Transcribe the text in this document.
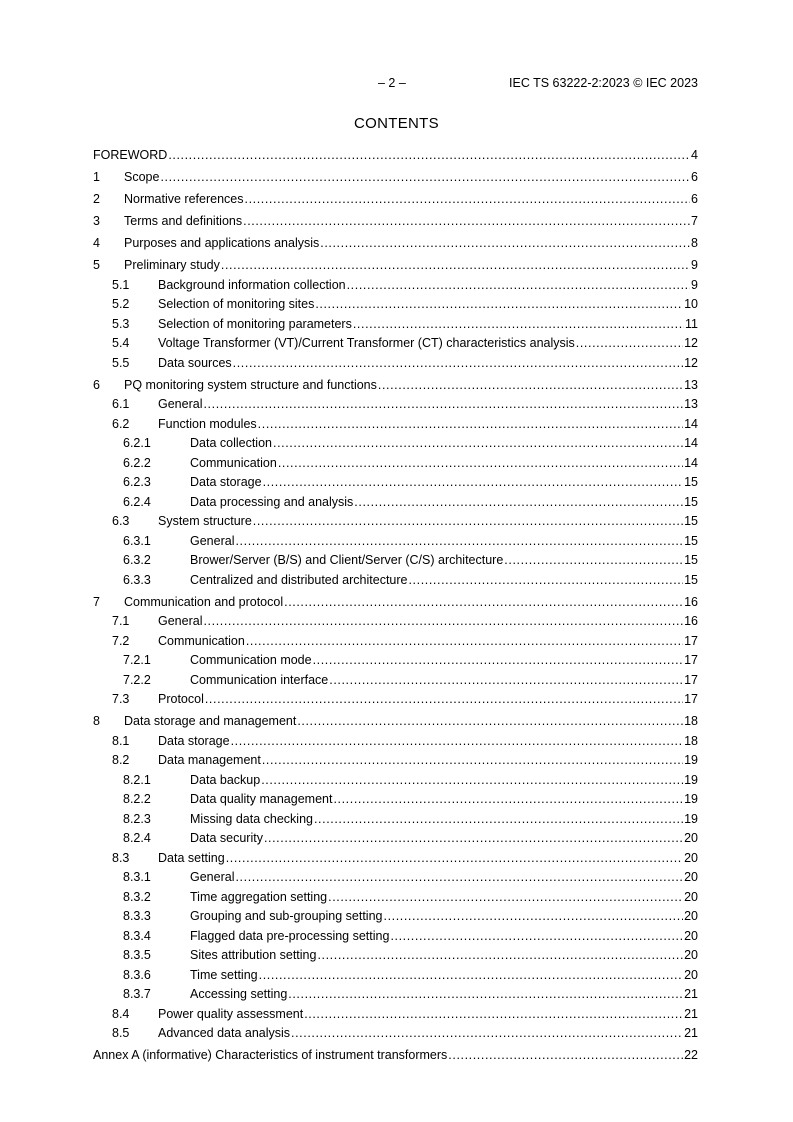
– 2 –	IEC TS 63222-2:2023 © IEC 2023
CONTENTS
FOREWORD .....	4
1	Scope .....	6
2	Normative references .....	6
3	Terms and definitions .....	7
4	Purposes and applications analysis .....	8
5	Preliminary study .....	9
5.1	Background information collection .....	9
5.2	Selection of monitoring sites .....	10
5.3	Selection of monitoring parameters .....	11
5.4	Voltage Transformer (VT)/Current Transformer (CT) characteristics analysis .....	12
5.5	Data sources .....	12
6	PQ monitoring system structure and functions .....	13
6.1	General .....	13
6.2	Function modules .....	14
6.2.1	Data collection .....	14
6.2.2	Communication .....	14
6.2.3	Data storage .....	15
6.2.4	Data processing and analysis .....	15
6.3	System structure .....	15
6.3.1	General .....	15
6.3.2	Brower/Server (B/S) and Client/Server (C/S) architecture .....	15
6.3.3	Centralized and distributed architecture .....	15
7	Communication and protocol .....	16
7.1	General .....	16
7.2	Communication .....	17
7.2.1	Communication mode .....	17
7.2.2	Communication interface .....	17
7.3	Protocol .....	17
8	Data storage and management .....	18
8.1	Data storage .....	18
8.2	Data management .....	19
8.2.1	Data backup .....	19
8.2.2	Data quality management .....	19
8.2.3	Missing data checking .....	19
8.2.4	Data security .....	20
8.3	Data setting .....	20
8.3.1	General .....	20
8.3.2	Time aggregation setting .....	20
8.3.3	Grouping and sub-grouping setting .....	20
8.3.4	Flagged data pre-processing setting .....	20
8.3.5	Sites attribution setting .....	20
8.3.6	Time setting .....	20
8.3.7	Accessing setting .....	21
8.4	Power quality assessment .....	21
8.5	Advanced data analysis .....	21
Annex A (informative) Characteristics of instrument transformers .....	22
